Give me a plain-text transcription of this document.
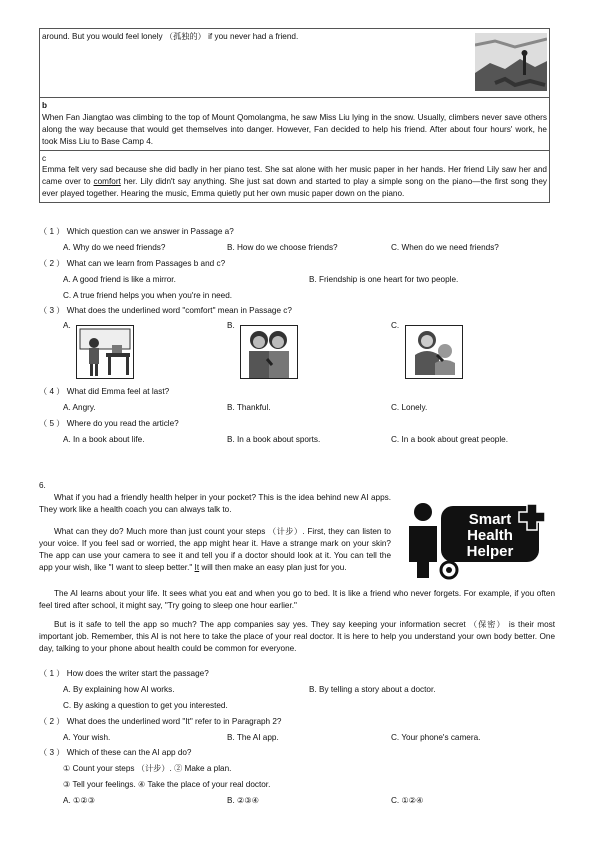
around. But you would feel lonely （孤独的） if you never had a friend.
b
When Fan Jiangtao was climbing to the top of Mount Qomolangma, he saw Miss Liu lying in the snow. Usually, climbers never save others along the way because that would get themselves into danger. However, Fan decided to help his friend. After about four hours' work, he took Miss Liu to Base Camp 4.
c
Emma felt very sad because she did badly in her piano test. She sat alone with her music paper in her hands. Her friend Lily saw her and came over to comfort her. Lily didn't say anything. She just sat down and started to play a simple song on the piano—the first song they ever played together. Hearing the music, Emma quietly put her own music paper down on the piano.
（ 1 ） Which question can we answer in Passage a?
A. Why do we need friends?	B. How do we choose friends?	C. When do we need friends?
（ 2 ） What can we learn from Passages b and c?
A. A good friend is like a mirror.	B. Friendship is one heart for two people.
C. A true friend helps you when you're in need.
（ 3 ） What does the underlined word "comfort" mean in Passage c?
A.	B.	C.
（ 4 ） What did Emma feel at last?
A. Angry.	B. Thankful.	C. Lonely.
（ 5 ） Where do you read the article?
A. In a book about life.	B. In a book about sports.	C. In a book about great people.
6.
Smart
Health
Helper
What if you had a friendly health helper in your pocket? This is the idea behind new AI apps. They work like a health coach you can always talk to.
What can they do? Much more than just count your steps （计步）. First, they can listen to your voice. If you feel sad or worried, the app might hear it. Have a strange mark on your skin? The app can use your camera to see it and tell you if a doctor should look at it. You can tell the app your wish, like "I want to sleep better." It will then make an easy plan just for you.
The AI learns about your life. It sees what you eat and when you go to bed. It is like a friend who never forgets. For example, if you often feel tired after school, it might say, "Try going to sleep one hour earlier."
But is it safe to tell the app so much? The app companies say yes. They say keeping your information secret （保密） is their most important job. Remember, this AI is not here to take the place of your real doctor. It is here to help you understand your own body better. One day, talking to your phone about health could be common for everyone.
（ 1 ） How does the writer start the passage?
A. By explaining how AI works.	B. By telling a story about a doctor.
C. By asking a question to get you interested.
（ 2 ） What does the underlined word "It" refer to in Paragraph 2?
A. Your wish.	B. The AI app.	C. Your phone's camera.
（ 3 ） Which of these can the AI app do?
① Count your steps （计步）. ② Make a plan.
③ Tell your feelings. ④ Take the place of your real doctor.
A. ①②③	B. ②③④	C. ①②④
